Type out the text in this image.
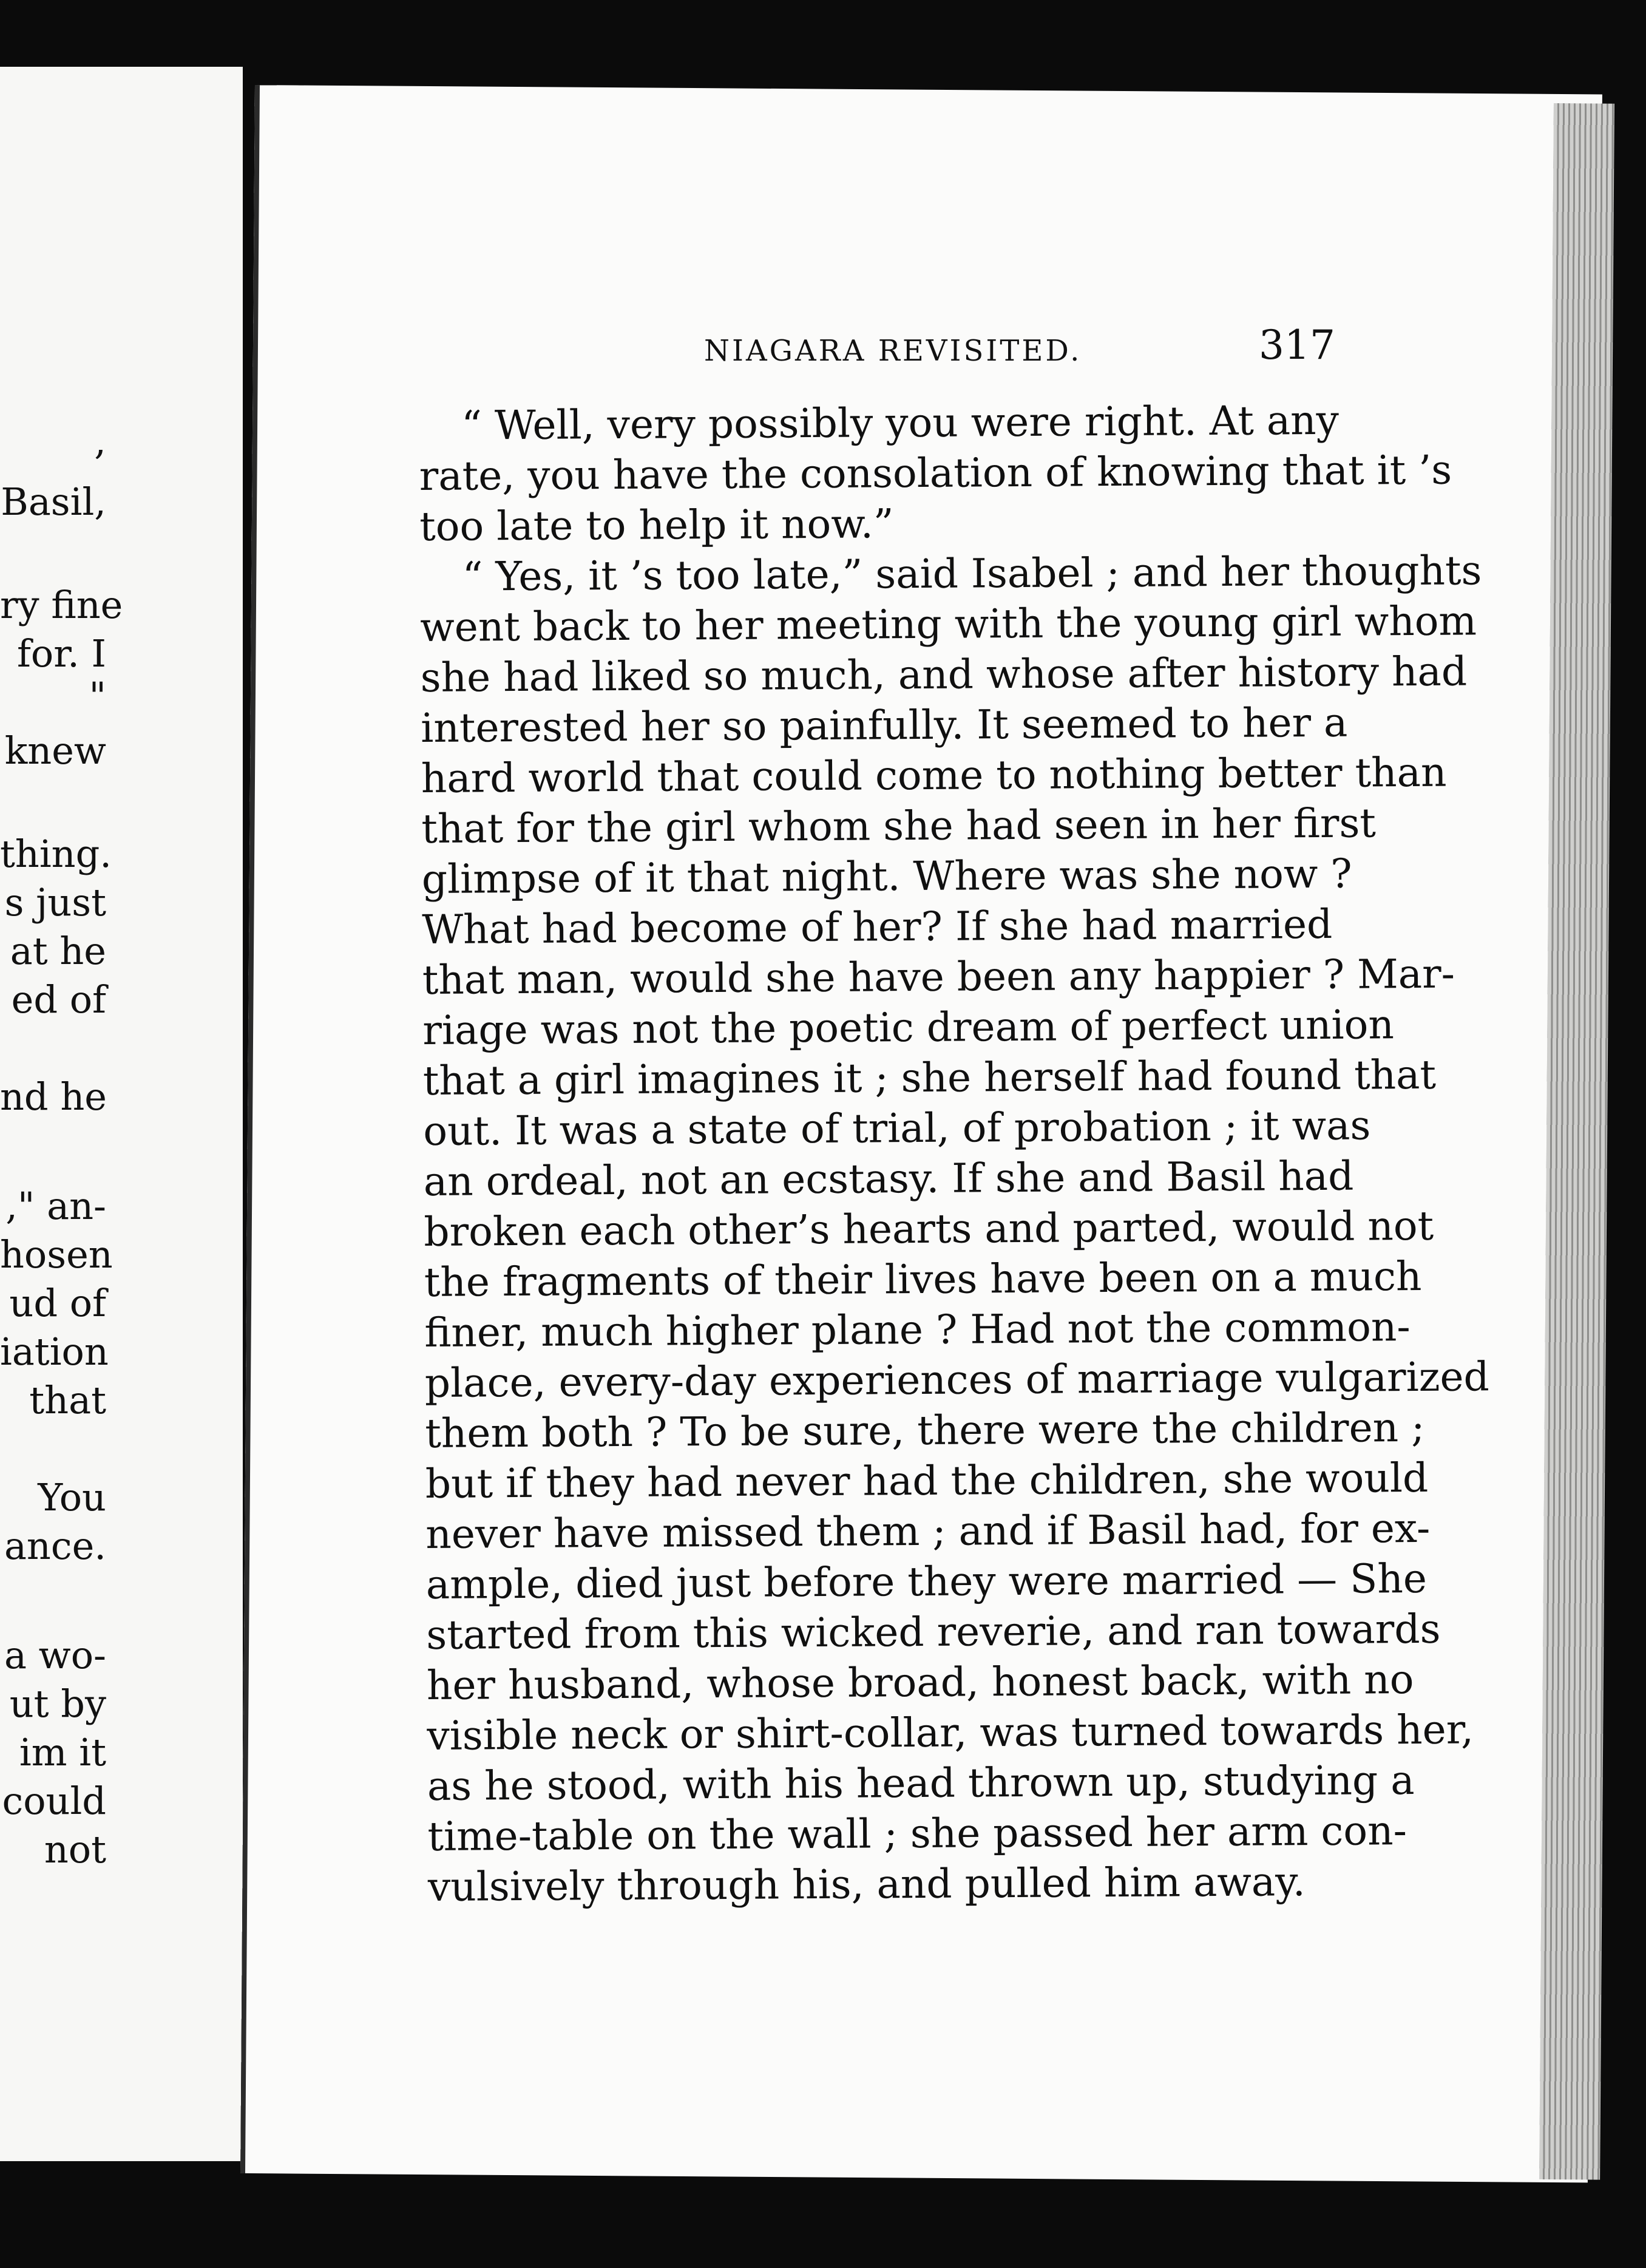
,
Basil,
ry fine
for. I
"
knew
thing.
s just
at he
ed of
nd he
," an-
hosen
ud of
iation
that
You
ance.
a wo-
ut by
im it
could
not
NIAGARA REVISITED.	317
“ Well, very possibly you were right. At any
rate, you have the consolation of knowing that it ’s
too late to help it now.”
“ Yes, it ’s too late,” said Isabel ; and her thoughts
went back to her meeting with the young girl whom
she had liked so much, and whose after history had
interested her so painfully. It seemed to her a
hard world that could come to nothing better than
that for the girl whom she had seen in her first
glimpse of it that night. Where was she now ?
What had become of her? If she had married
that man, would she have been any happier ? Mar-
riage was not the poetic dream of perfect union
that a girl imagines it ; she herself had found that
out. It was a state of trial, of probation ; it was
an ordeal, not an ecstasy. If she and Basil had
broken each other’s hearts and parted, would not
the fragments of their lives have been on a much
finer, much higher plane ? Had not the common-
place, every-day experiences of marriage vulgarized
them both ? To be sure, there were the children ;
but if they had never had the children, she would
never have missed them ; and if Basil had, for ex-
ample, died just before they were married — She
started from this wicked reverie, and ran towards
her husband, whose broad, honest back, with no
visible neck or shirt-collar, was turned towards her,
as he stood, with his head thrown up, studying a
time-table on the wall ; she passed her arm con-
vulsively through his, and pulled him away.
